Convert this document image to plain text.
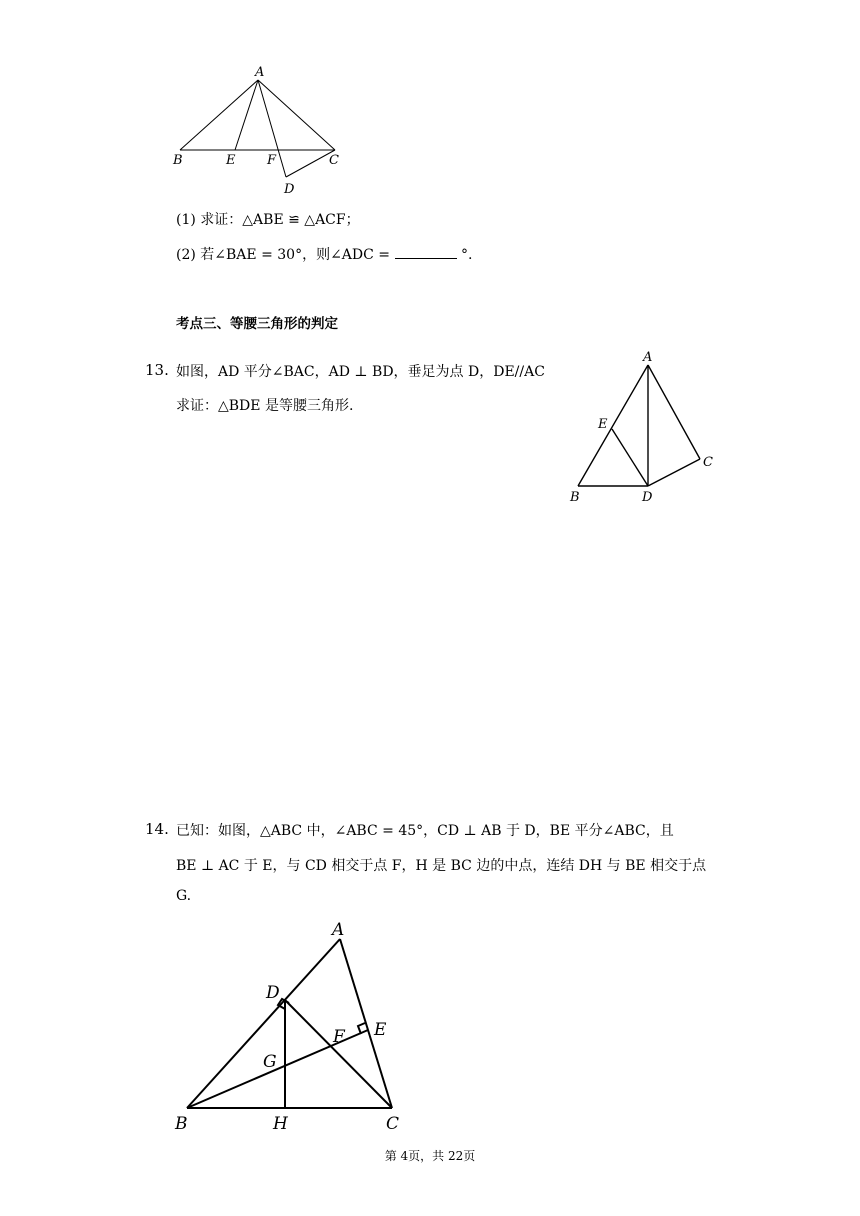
A
B	E F	C
D
(1) 求证：△ABE ≌ △ACF；
(2) 若∠BAE = 30°，则∠ADC =	°.
考点三、等腰三角形的判定
13. 如图，AD 平分∠BAC，AD ⊥ BD，垂足为点 D，DE//AC
求证：△BDE 是等腰三角形.
A
E
C
B	D
14. 已知：如图，△ABC 中，∠ABC = 45°，CD ⊥ AB 于 D，BE 平分∠ABC，且
BE ⊥ AC 于 E，与 CD 相交于点 F，H 是 BC 边的中点，连结 DH 与 BE 相交于点
G.
A
D
E
F
G
B	H	C
第 4页，共 22页
